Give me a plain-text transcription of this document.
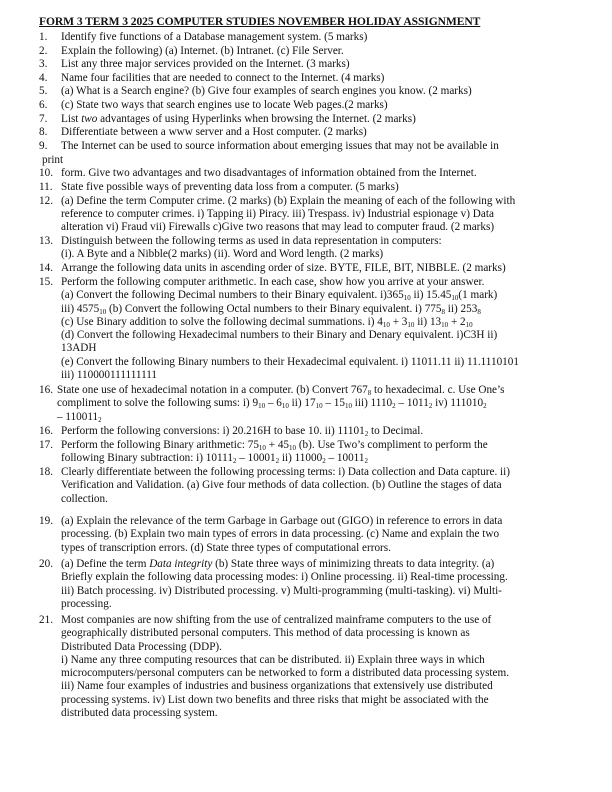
FORM 3 TERM 3 2025 COMPUTER STUDIES NOVEMBER HOLIDAY ASSIGNMENT
1.	Identify five functions of a Database management system. (5 marks)
2.	Explain the following) (a) Internet. (b) Intranet. (c) File Server.
3.	List any three major services provided on the Internet. (3 marks)
4.	Name four facilities that are needed to connect to the Internet. (4 marks)
5.	(a) What is a Search engine? (b) Give four examples of search engines you know. (2 marks)
6.	(c) State two ways that search engines use to locate Web pages.(2 marks)
7.	List two advantages of using Hyperlinks when browsing the Internet. (2 marks)
8.	Differentiate between a www server and a Host computer. (2 marks)
9.	The Internet can be used to source information about emerging issues that may not be available in
print
10. form. Give two advantages and two disadvantages of information obtained from the Internet.
11. State five possible ways of preventing data loss from a computer. (5 marks)
12. (a) Define the term Computer crime. (2 marks) (b) Explain the meaning of each of the following with
reference to computer crimes. i) Tapping ii) Piracy. iii) Trespass. iv) Industrial espionage v) Data
alteration vi) Fraud vii) Firewalls c)Give two reasons that may lead to computer fraud. (2 marks)
13. Distinguish between the following terms as used in data representation in computers:
(i). A Byte and a Nibble(2 marks) (ii). Word and Word length. (2 marks)
14. Arrange the following data units in ascending order of size. BYTE, FILE, BIT, NIBBLE. (2 marks)
15. Perform the following computer arithmetic. In each case, show how you arrive at your answer.
(a) Convert the following Decimal numbers to their Binary equivalent. $i)365_{10}$ ii) $15.45_{10}(1$ mark)
iii) $4575_{10}$ (b) Convert the following Octal numbers to their Binary equivalent. i) $775_8$ ii) $253_8$
(c) Use Binary addition to solve the following decimal summations. i) $4_{10} + 3_{10}$ ii) $13_{10} + 2_{10}$
(d) Convert the following Hexadecimal numbers to their Binary and Denary equivalent. i)C3H ii)
13ADH
(e) Convert the following Binary numbers to their Hexadecimal equivalent. i) 11011.11 ii) 11.1110101
iii) 110000111111111
16. State one use of hexadecimal notation in a computer. (b) Convert $767_8$ to hexadecimal. c. Use One’s
compliment to solve the following sums: i) $9_{10} - 6_{10}$ ii) $17_{10} - 15_{10}$ iii) $1110_2 - 1011_2$ iv) $111010_2$
– $110011_2$
16. Perform the following conversions: i) 20.216H to base 10. ii) $11101_2$ to Decimal.
17. Perform the following Binary arithmetic: $75_{10} + 45_{10}$ (b). Use Two’s compliment to perform the
following Binary subtraction: i) $10111_2 - 10001_2$ ii) $11000_2 - 10011_2$
18. Clearly differentiate between the following processing terms: i) Data collection and Data capture. ii)
Verification and Validation. (a) Give four methods of data collection. (b) Outline the stages of data
collection.
19. (a) Explain the relevance of the term Garbage in Garbage out (GIGO) in reference to errors in data
processing. (b) Explain two main types of errors in data processing. (c) Name and explain the two
types of transcription errors. (d) State three types of computational errors.
20. (a) Define the term Data integrity (b) State three ways of minimizing threats to data integrity. (a)
Briefly explain the following data processing modes: i) Online processing. ii) Real-time processing.
iii) Batch processing. iv) Distributed processing. v) Multi-programming (multi-tasking). vi) Multi-
processing.
21. Most companies are now shifting from the use of centralized mainframe computers to the use of
geographically distributed personal computers. This method of data processing is known as
Distributed Data Processing (DDP).
i) Name any three computing resources that can be distributed. ii) Explain three ways in which
microcomputers/personal computers can be networked to form a distributed data processing system.
iii) Name four examples of industries and business organizations that extensively use distributed
processing systems. iv) List down two benefits and three risks that might be associated with the
distributed data processing system.
